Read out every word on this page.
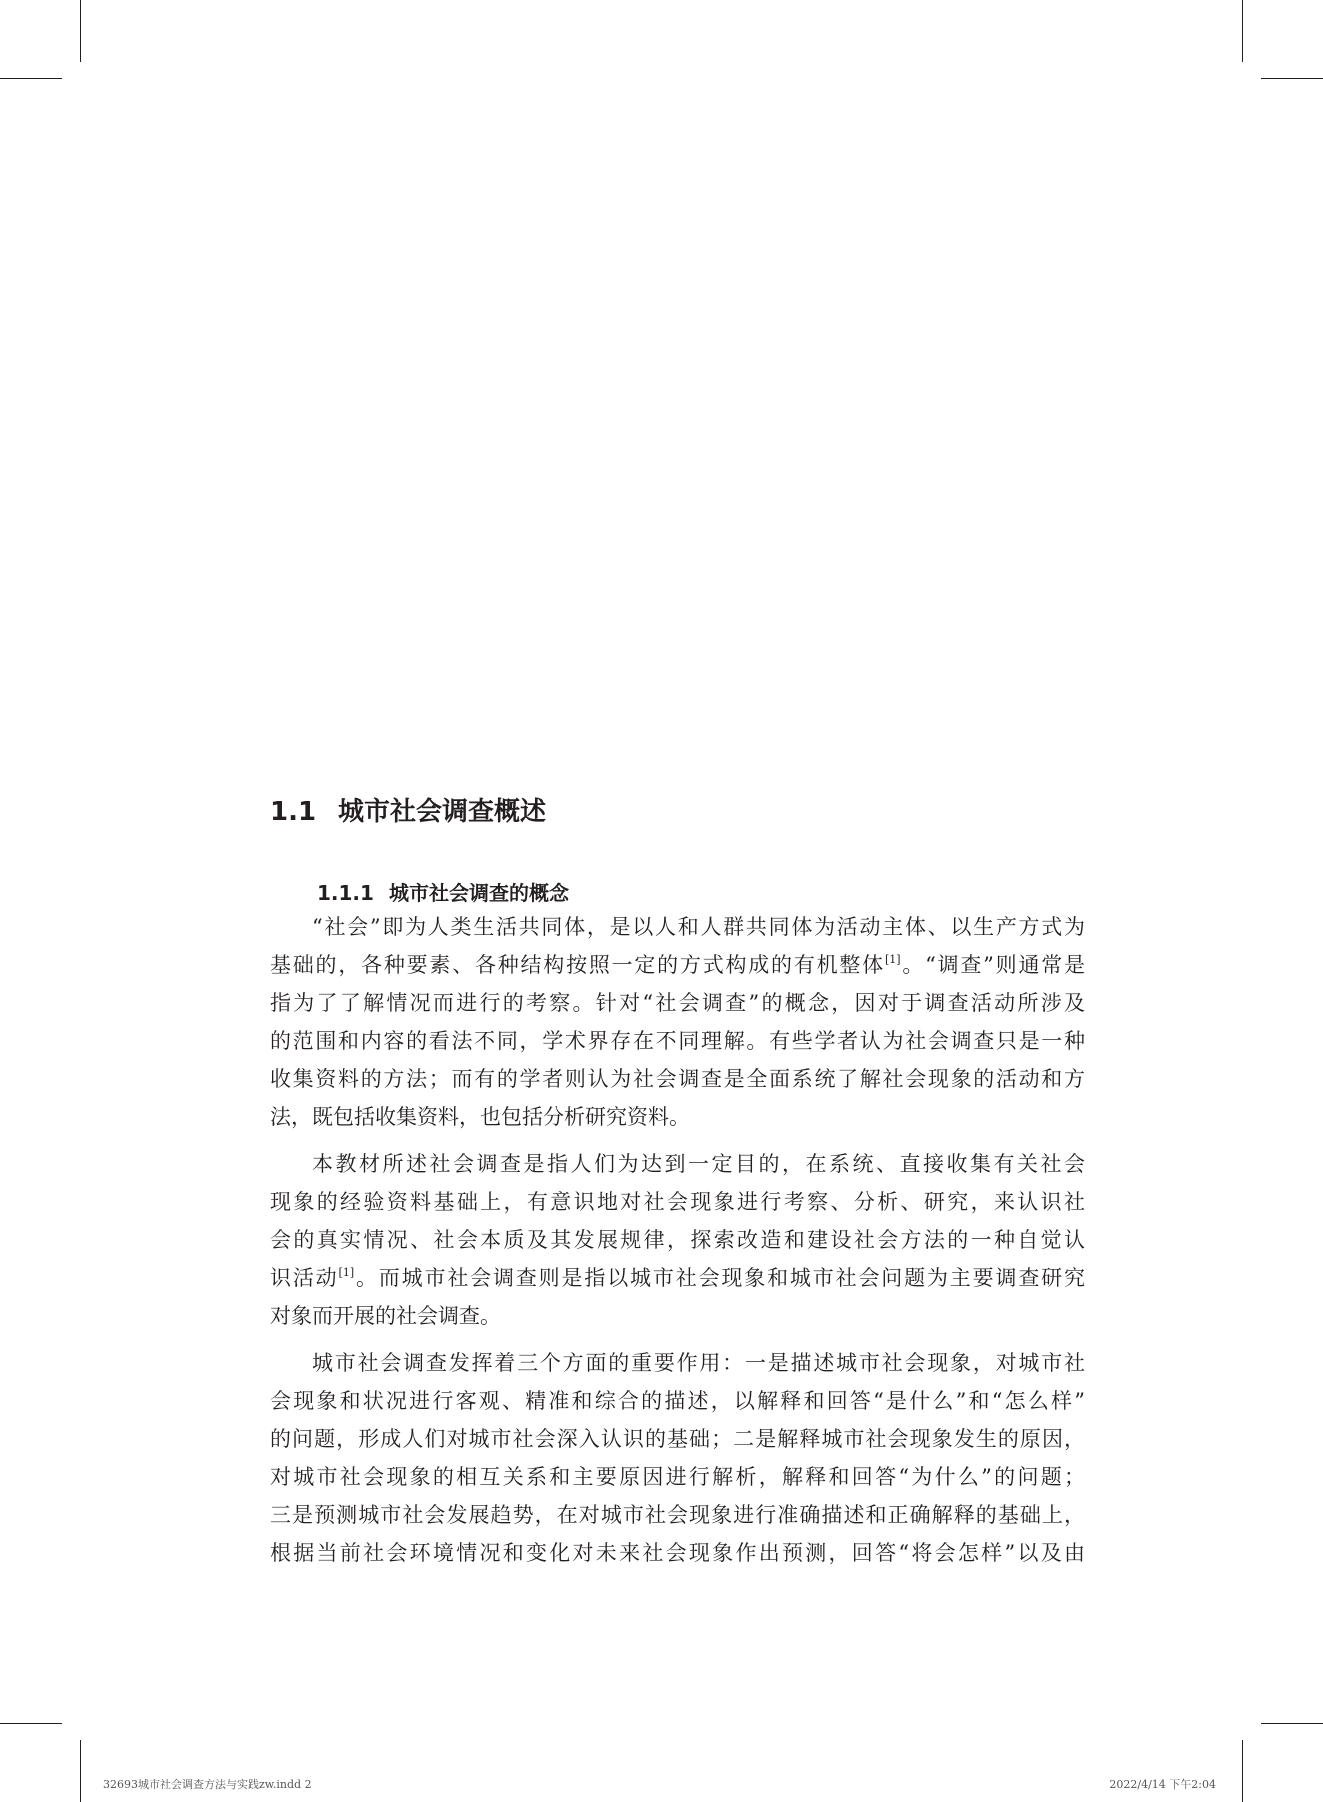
1.1 城市社会调查概述
1.1.1 城市社会调查的概念
“社会”即为人类生活共同体，是以人和人群共同体为活动主体、以生产方式为
基础的，各种要素、各种结构按照一定的方式构成的有机整体[1]。“调查”则通常是
指为了了解情况而进行的考察。针对“社会调查”的概念，因对于调查活动所涉及
的范围和内容的看法不同，学术界存在不同理解。有些学者认为社会调查只是一种
收集资料的方法；而有的学者则认为社会调查是全面系统了解社会现象的活动和方
法，既包括收集资料，也包括分析研究资料。
本教材所述社会调查是指人们为达到一定目的，在系统、直接收集有关社会
现象的经验资料基础上，有意识地对社会现象进行考察、分析、研究，来认识社
会的真实情况、社会本质及其发展规律，探索改造和建设社会方法的一种自觉认
识活动[1]。而城市社会调查则是指以城市社会现象和城市社会问题为主要调查研究
对象而开展的社会调查。
城市社会调查发挥着三个方面的重要作用：一是描述城市社会现象，对城市社
会现象和状况进行客观、精准和综合的描述，以解释和回答“是什么”和“怎么样”
的问题，形成人们对城市社会深入认识的基础；二是解释城市社会现象发生的原因，
对城市社会现象的相互关系和主要原因进行解析，解释和回答“为什么”的问题；
三是预测城市社会发展趋势，在对城市社会现象进行准确描述和正确解释的基础上，
根据当前社会环境情况和变化对未来社会现象作出预测，回答“将会怎样”以及由
32693城市社会调查方法与实践zw.indd 2	2022/4/14 下午2:04
